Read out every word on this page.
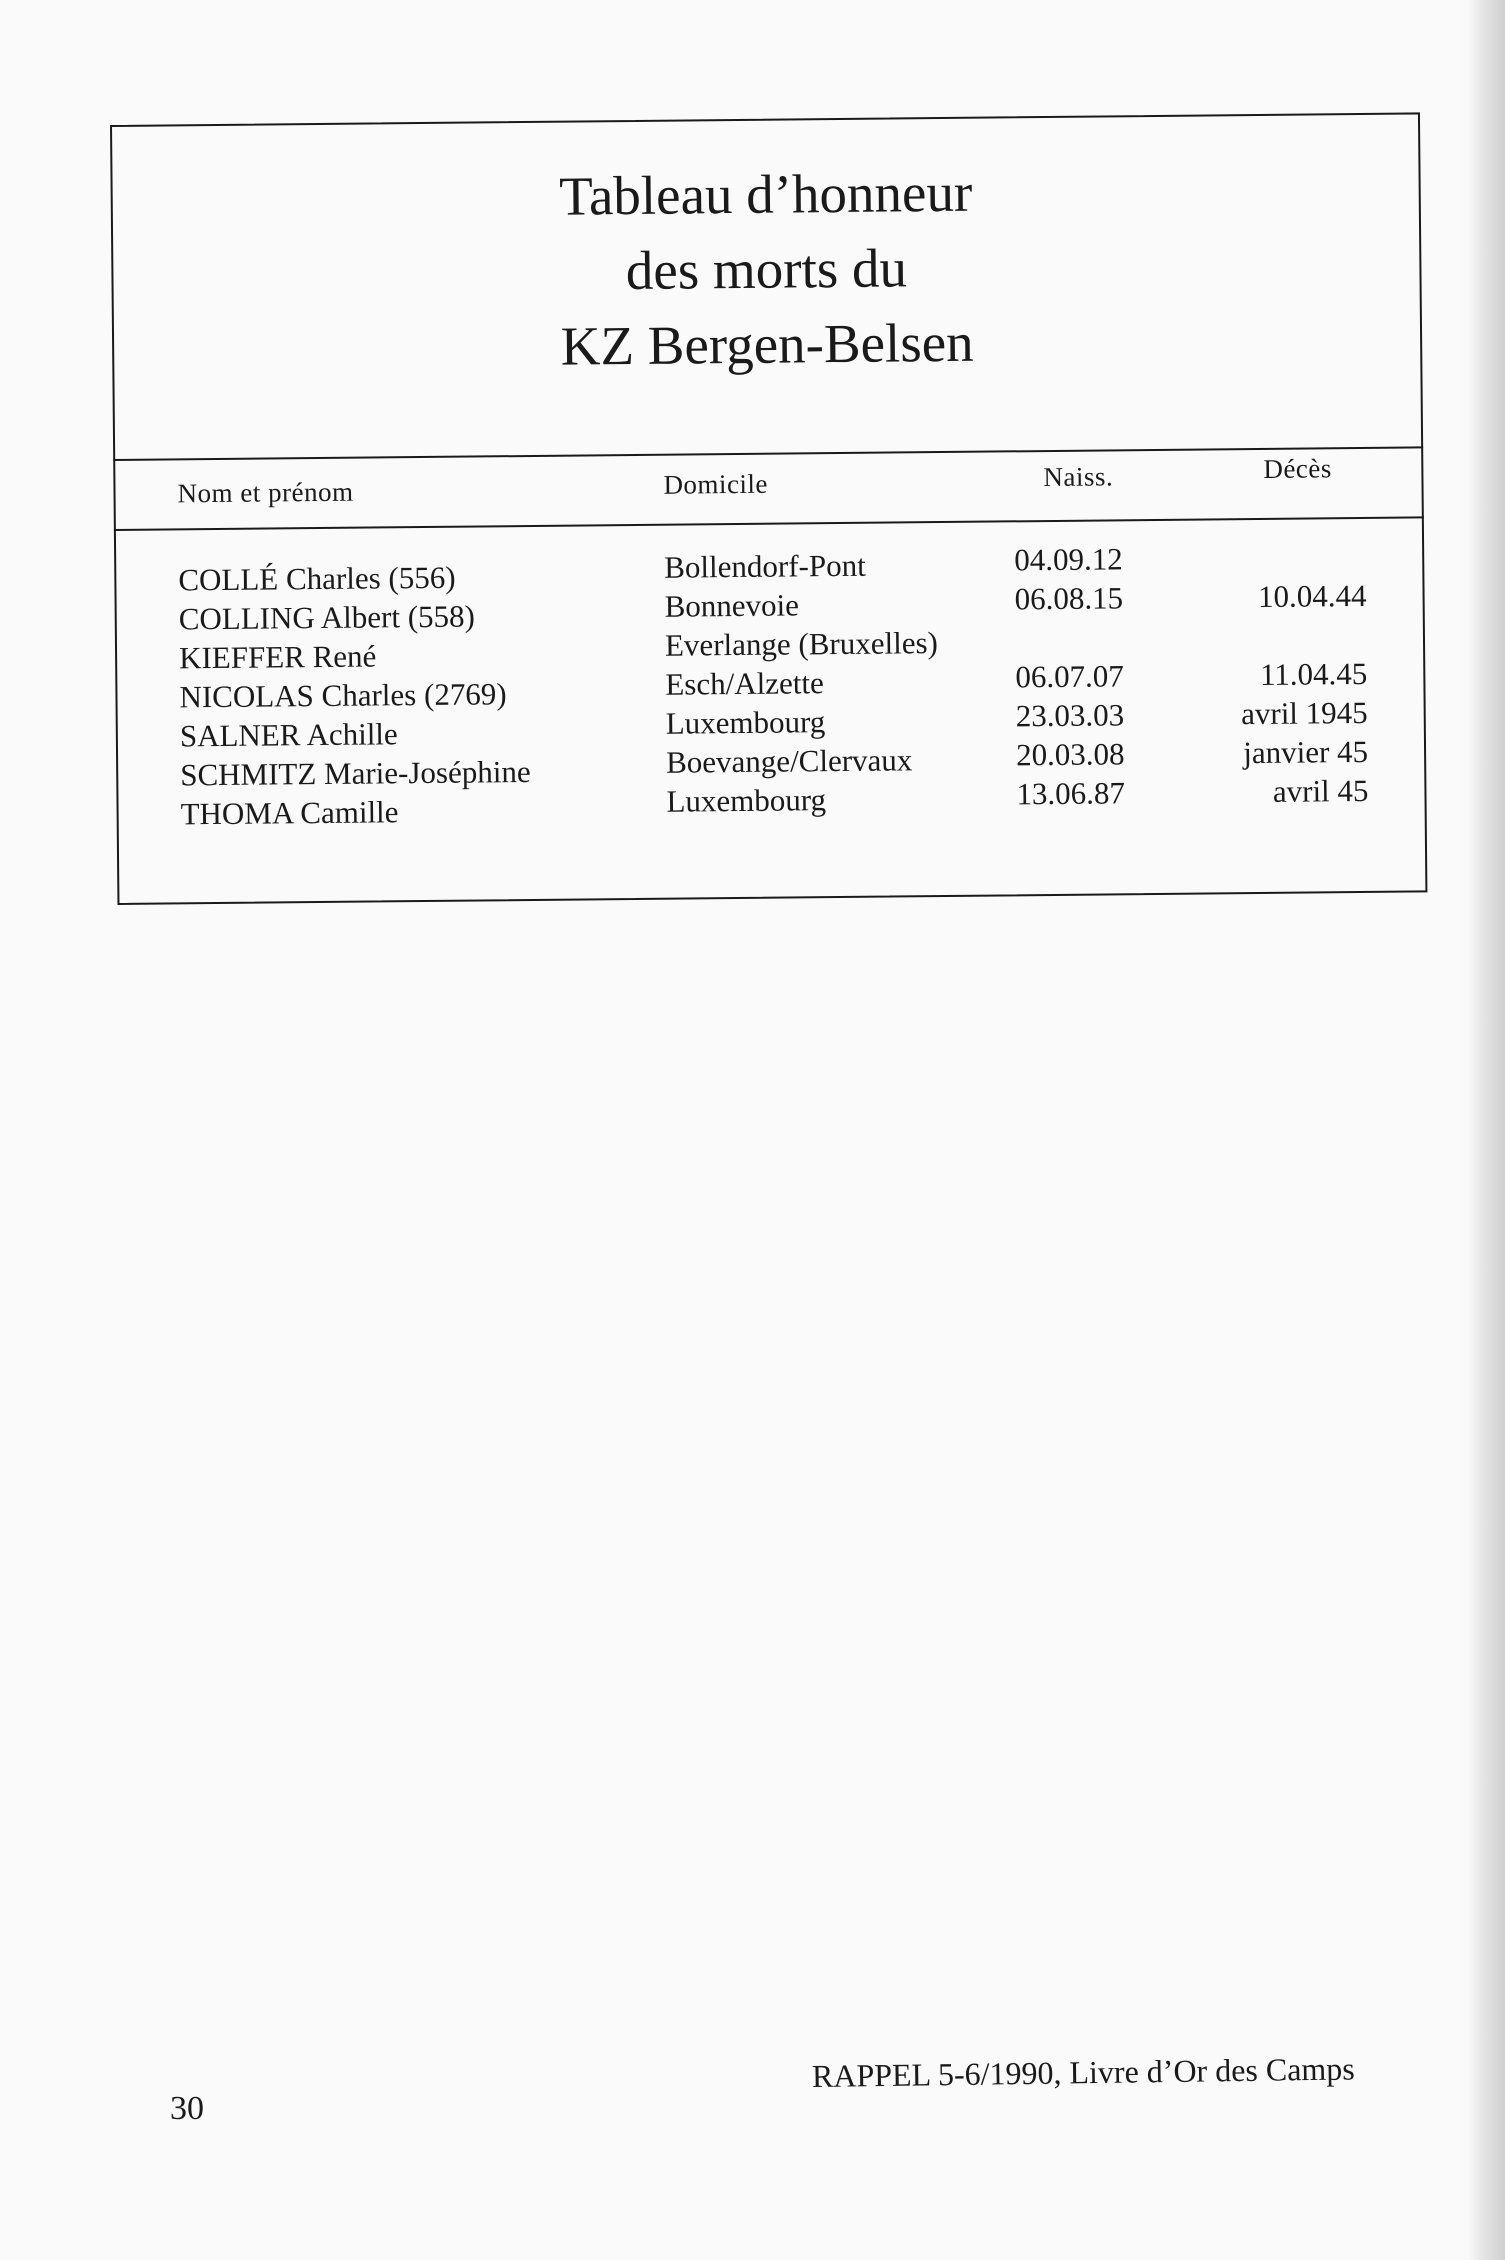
Tableau d’honneur
des morts du
KZ Bergen-Belsen
Nom et prénom	Domicile	Naiss.	Décès
COLLÉ Charles (556)	Bollendorf-Pont	04.09.12
COLLING Albert (558)	Bonnevoie	06.08.15	10.04.44
KIEFFER René	Everlange (Bruxelles)
NICOLAS Charles (2769)	Esch/Alzette	06.07.07	11.04.45
SALNER Achille	Luxembourg	23.03.03	avril 1945
SCHMITZ Marie-Joséphine	Boevange/Clervaux	20.03.08	janvier 45
THOMA Camille	Luxembourg	13.06.87	avril 45
30
RAPPEL 5-6/1990, Livre d’Or des Camps
